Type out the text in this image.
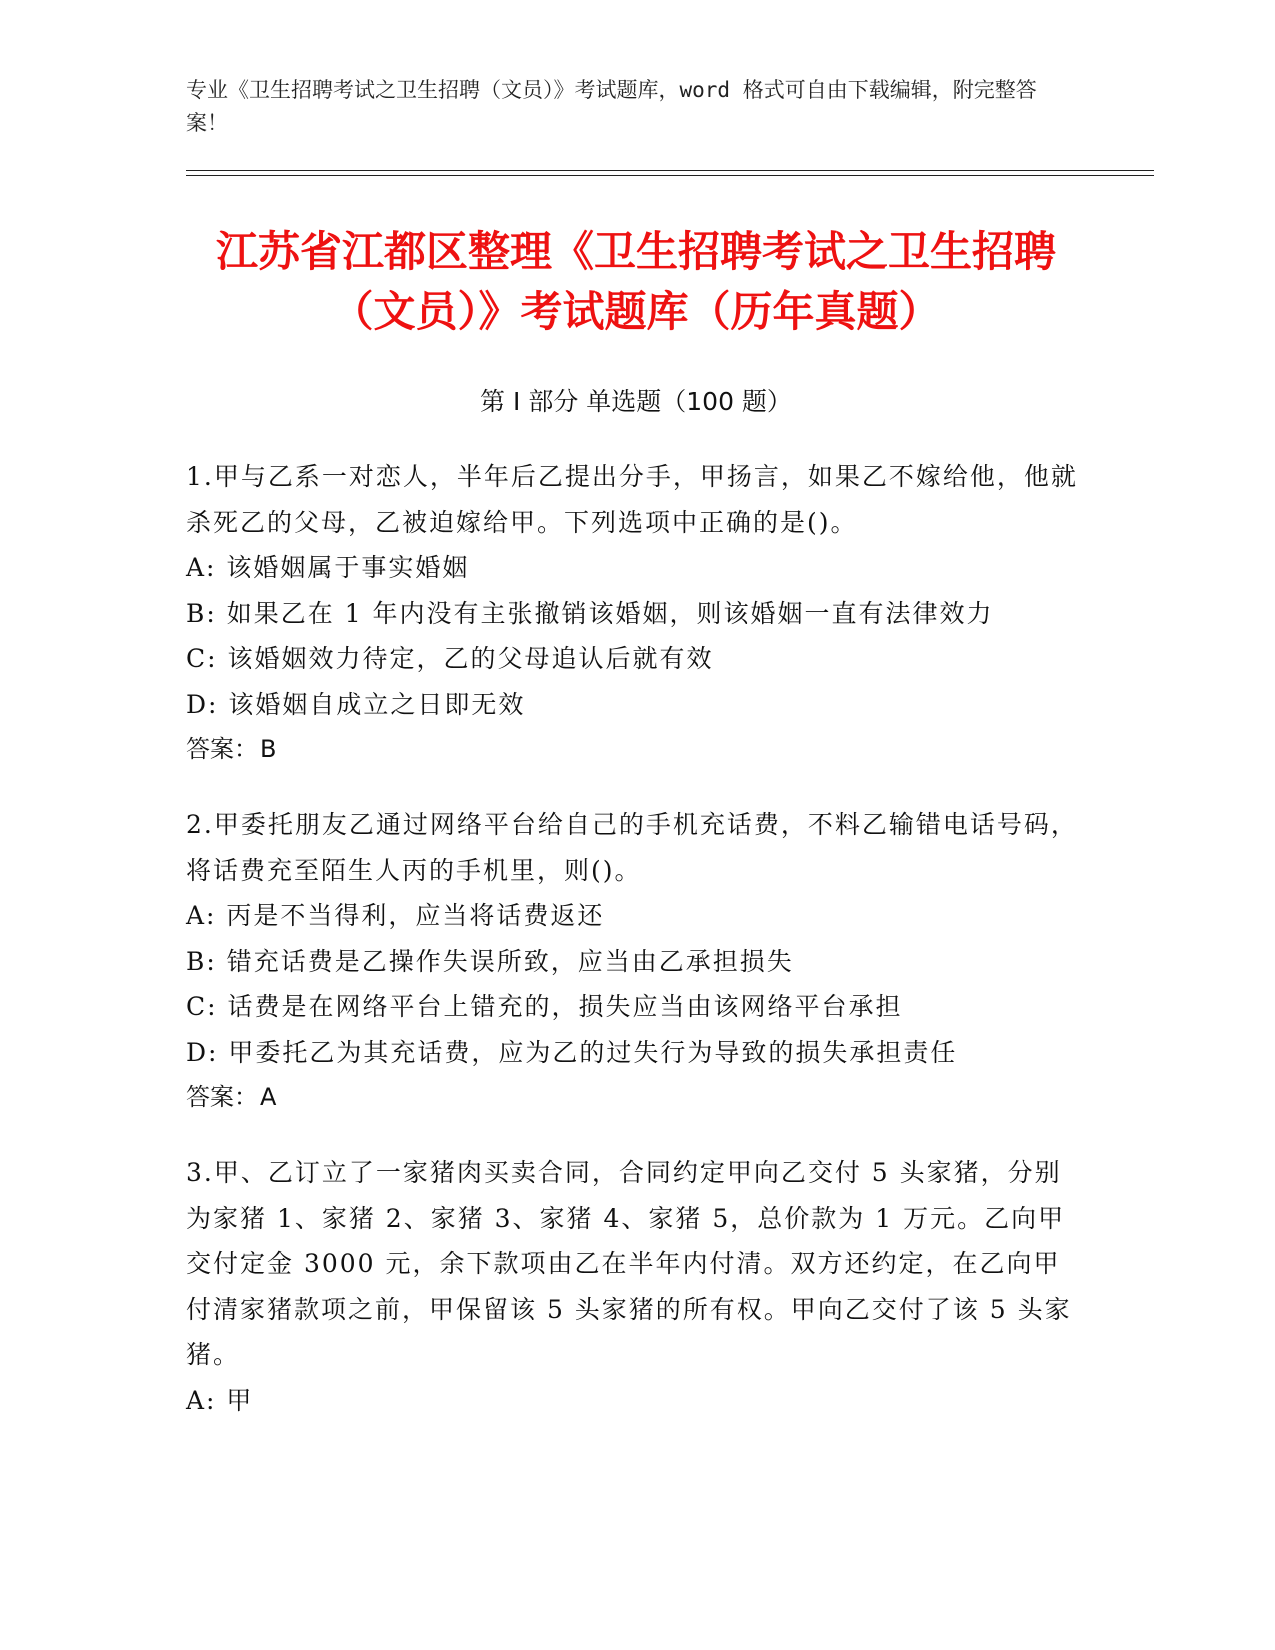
专业《卫生招聘考试之卫生招聘（文员）》考试题库，word 格式可自由下载编辑，附完整答案！
江苏省江都区整理《卫生招聘考试之卫生招聘（文员）》考试题库（历年真题）
第 I 部分 单选题（100 题）

1.甲与乙系一对恋人，半年后乙提出分手，甲扬言，如果乙不嫁给他，他就杀死乙的父母，乙被迫嫁给甲。下列选项中正确的是()。

A: 该婚姻属于事实婚姻

B: 如果乙在 1 年内没有主张撤销该婚姻，则该婚姻一直有法律效力

C: 该婚姻效力待定，乙的父母追认后就有效

D: 该婚姻自成立之日即无效

答案：B

2.甲委托朋友乙通过网络平台给自己的手机充话费，不料乙输错电话号码，将话费充至陌生人丙的手机里，则()。

A: 丙是不当得利，应当将话费返还

B: 错充话费是乙操作失误所致，应当由乙承担损失

C: 话费是在网络平台上错充的，损失应当由该网络平台承担

D: 甲委托乙为其充话费，应为乙的过失行为导致的损失承担责任

答案：A

3.甲、乙订立了一家猪肉买卖合同，合同约定甲向乙交付 5 头家猪，分别为家猪 1、家猪 2、家猪 3、家猪 4、家猪 5，总价款为 1 万元。乙向甲交付定金 3000 元，余下款项由乙在半年内付清。双方还约定，在乙向甲付清家猪款项之前，甲保留该 5 头家猪的所有权。甲向乙交付了该 5 头家猪。

A: 甲
